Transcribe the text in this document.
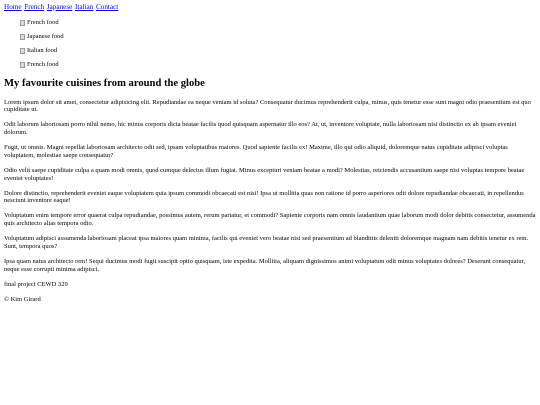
Home French Japanese Italian Contact
French food
Japanese food
Italian food
French food
My favourite cuisines from around the globe

Lorem ipsum dolor sit amet, consectetur adipisicing elit. Repudiandae ea neque veniam id soluta? Consequatur ducimus reprehenderit culpa, minus, quis tenetur esse sunt magni odio praesentium est quo cupiditate ut.

Odit laborum laboriosam porro nihil nemo, hic minus corporis dicta beatae facilis quod quisquam aspernatur illo eos? At, ut, inventore voluptate, nulla laboriosam nisi distinctio ex ab ipsam eveniet dolorum.

Fugit, ut omnis. Magni repellat laboriosam architecto odit sed, ipsam voluptatibus maiores. Quod sapiente facilis ex! Maxime, illo qui odio aliquid, doloremque natus cupiditate adipisci voluptas voluptatem, molestiae saepe consequatur?

Odio velit saepe cupiditate culpa a quam modi omnis, quod cumque delectus illum fugiat. Minus excepturi veniam beatae a modi? Molestias, reiciendis accusantium saepe nisi voluptas tempore beatae eveniet voluptates!

Dolore distinctio, reprehenderit eveniet eaque voluptatem quia ipsum commodi obcaecati est nisi! Ipsa ut mollitia quas non ratione id porro asperiores odit dolore repudiandae obcaecati, in repellendus nesciunt inventore eaque!

Voluptatum enim tempore error quaerat culpa repudiandae, possimus autem, rerum pariatur, et commodi? Sapiente corporis nam omnis laudantium quae laborum modi dolor debitis consectetur, assumenda quis architecto alias tempora odio.

Voluptatum adipisci assumenda laboriosam placeat ipsa maiores quam minima, facilis qui eveniet vero beatae nisi sed praesentium ad blanditiis deleniti doloremque magnam nam debitis tenetur ex rem. Sunt, tempora quos?

Ipsa quam natus architecto rem! Sequi ducimus modi fugit suscipit optio quisquam, iste expedita. Mollitia, aliquam dignissimos animi voluptatum odit minus voluptates dolores? Deserunt consequatur, neque esse corrupti minima adipisci.

final project CEWD 329

© Kim Girard
